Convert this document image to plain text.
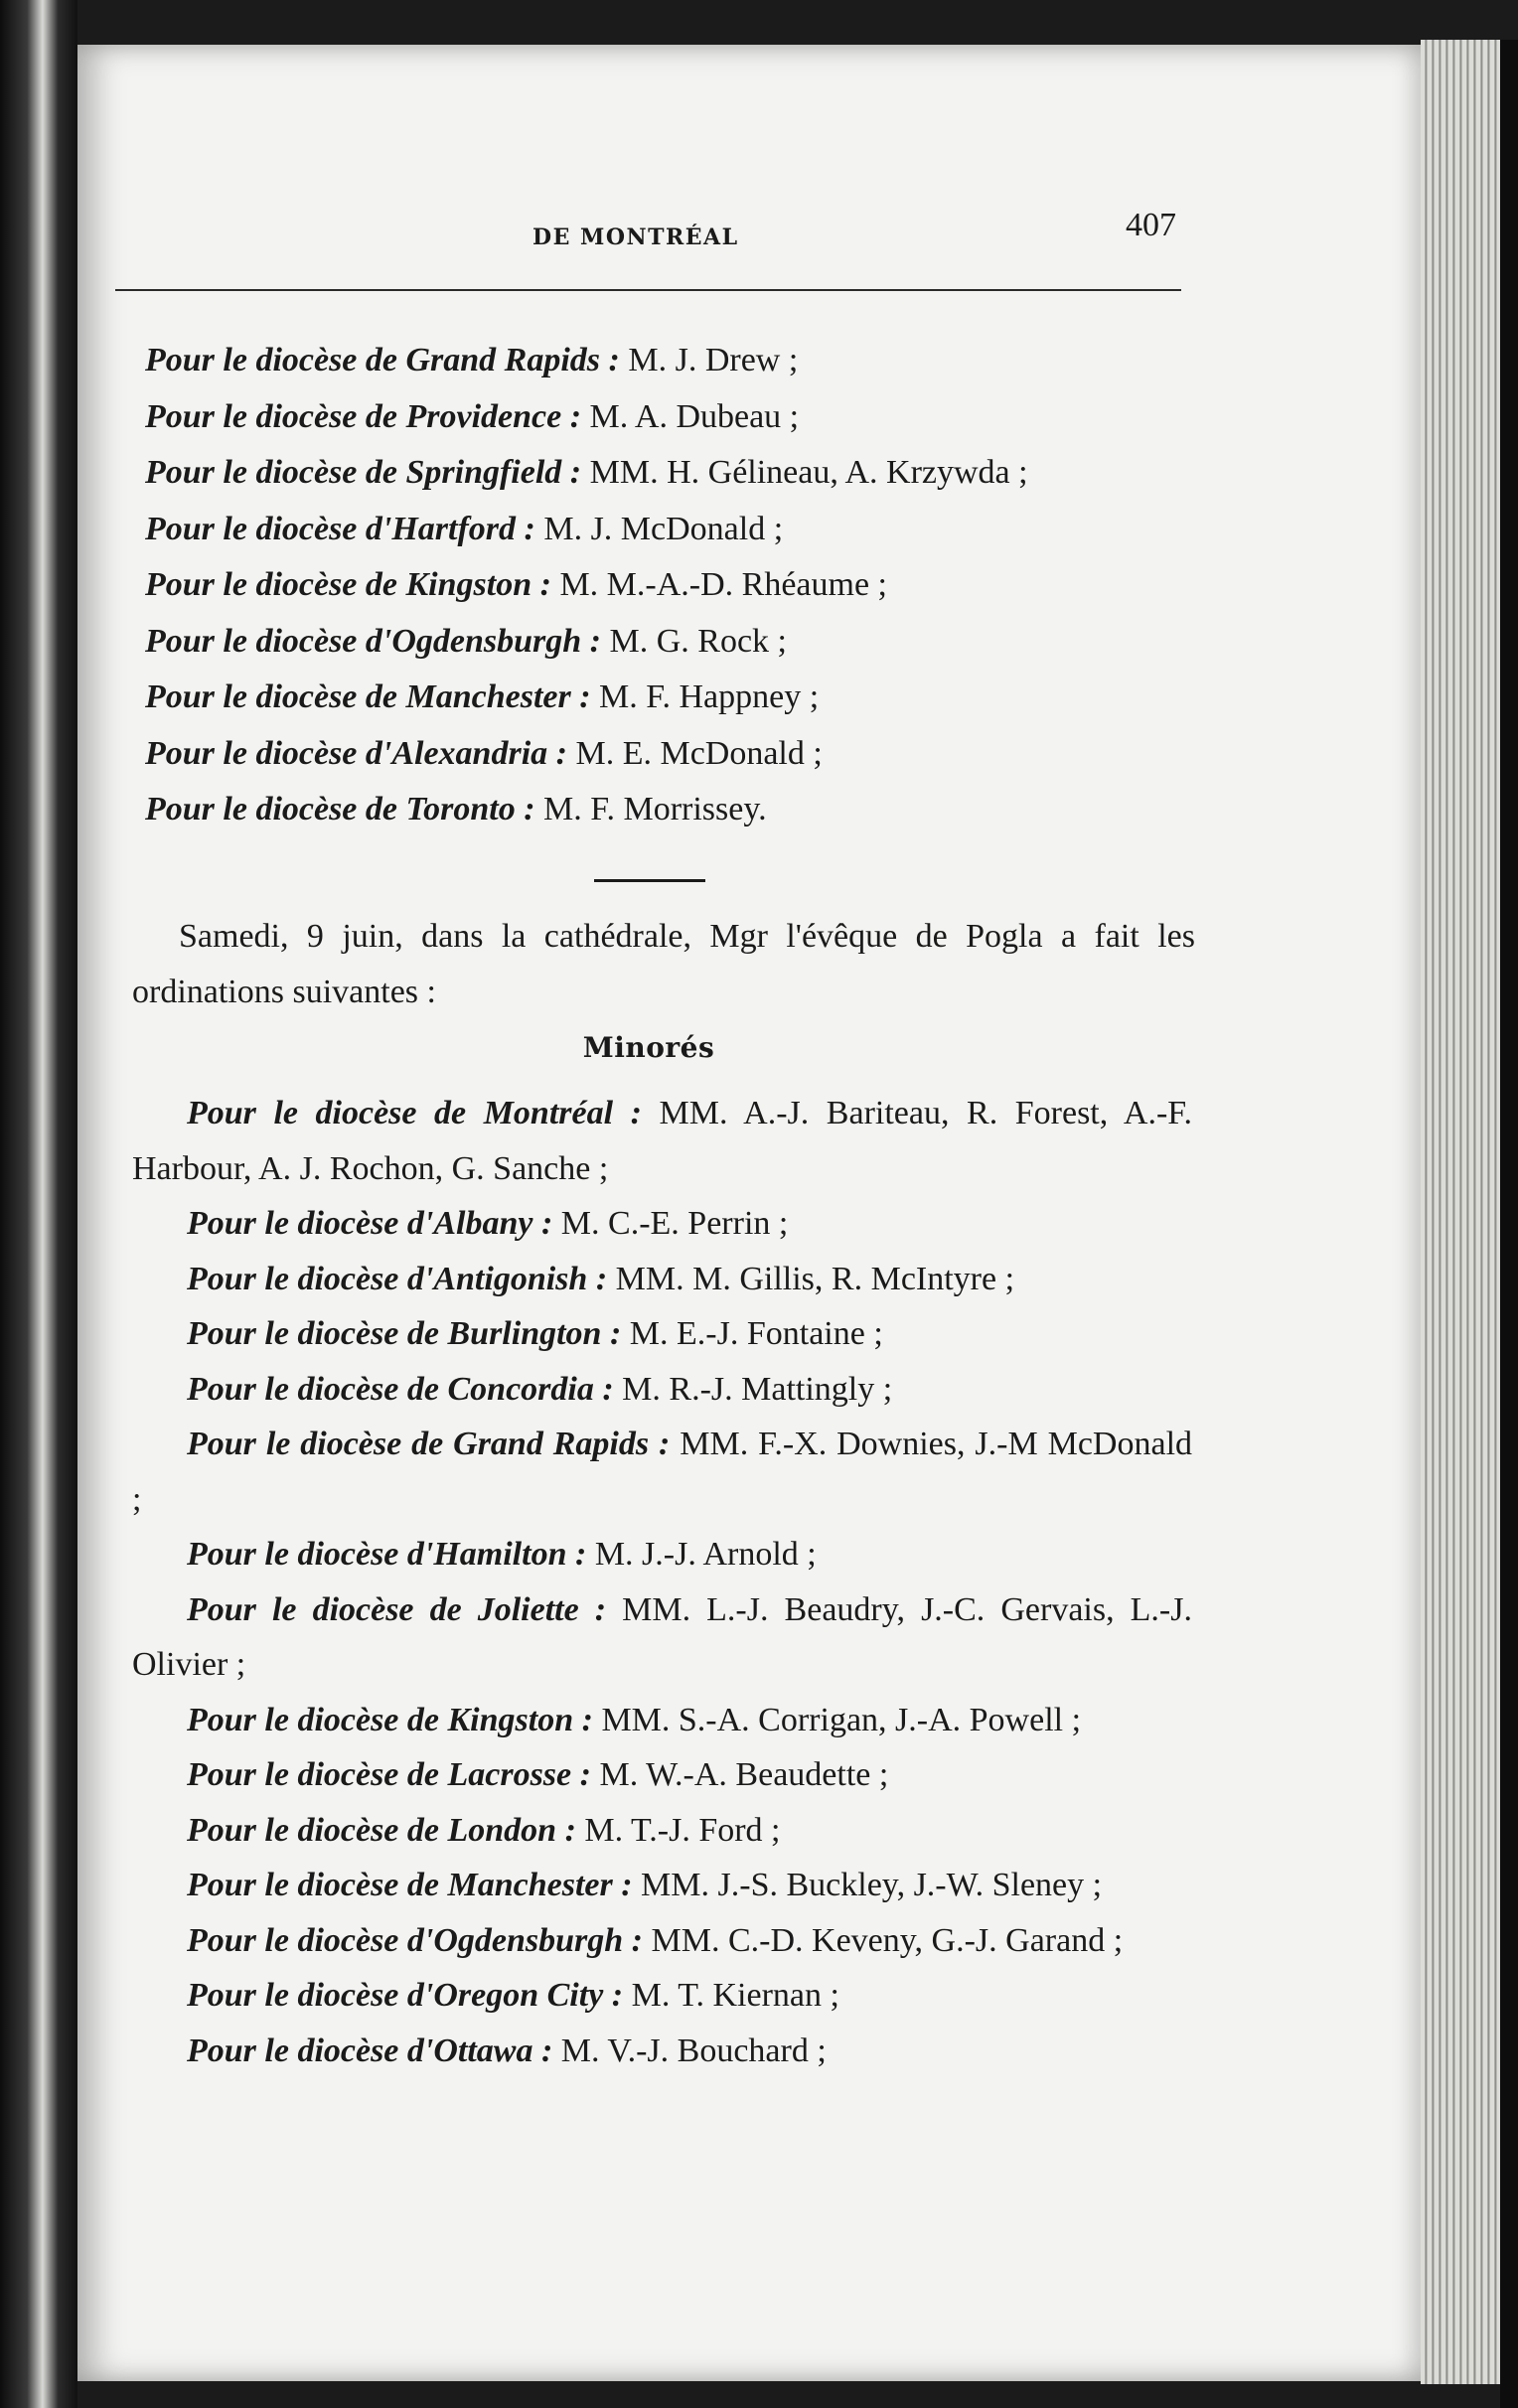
DE MONTRÉAL	407
Pour le diocèse de Grand Rapids : M. J. Drew ;
Pour le diocèse de Providence : M. A. Dubeau ;
Pour le diocèse de Springfield : MM. H. Gélineau, A. Krzywda ;
Pour le diocèse d'Hartford : M. J. McDonald ;
Pour le diocèse de Kingston : M. M.-A.-D. Rhéaume ;
Pour le diocèse d'Ogdensburgh : M. G. Rock ;
Pour le diocèse de Manchester : M. F. Happney ;
Pour le diocèse d'Alexandria : M. E. McDonald ;
Pour le diocèse de Toronto : M. F. Morrissey.
Samedi, 9 juin, dans la cathédrale, Mgr l'évêque de Pogla a fait les ordinations suivantes :
Minorés
Pour le diocèse de Montréal : MM. A.-J. Bariteau, R. Forest, A.-F. Harbour, A. J. Rochon, G. Sanche ;
Pour le diocèse d'Albany : M. C.-E. Perrin ;
Pour le diocèse d'Antigonish : MM. M. Gillis, R. McIntyre ;
Pour le diocèse de Burlington : M. E.-J. Fontaine ;
Pour le diocèse de Concordia : M. R.-J. Mattingly ;
Pour le diocèse de Grand Rapids : MM. F.-X. Downies, J.-M McDonald ;
Pour le diocèse d'Hamilton : M. J.-J. Arnold ;
Pour le diocèse de Joliette : MM. L.-J. Beaudry, J.-C. Gervais, L.-J. Olivier ;
Pour le diocèse de Kingston : MM. S.-A. Corrigan, J.-A. Powell ;
Pour le diocèse de Lacrosse : M. W.-A. Beaudette ;
Pour le diocèse de London : M. T.-J. Ford ;
Pour le diocèse de Manchester : MM. J.-S. Buckley, J.-W. Sleney ;
Pour le diocèse d'Ogdensburgh : MM. C.-D. Keveny, G.-J. Garand ;
Pour le diocèse d'Oregon City : M. T. Kiernan ;
Pour le diocèse d'Ottawa : M. V.-J. Bouchard ;
